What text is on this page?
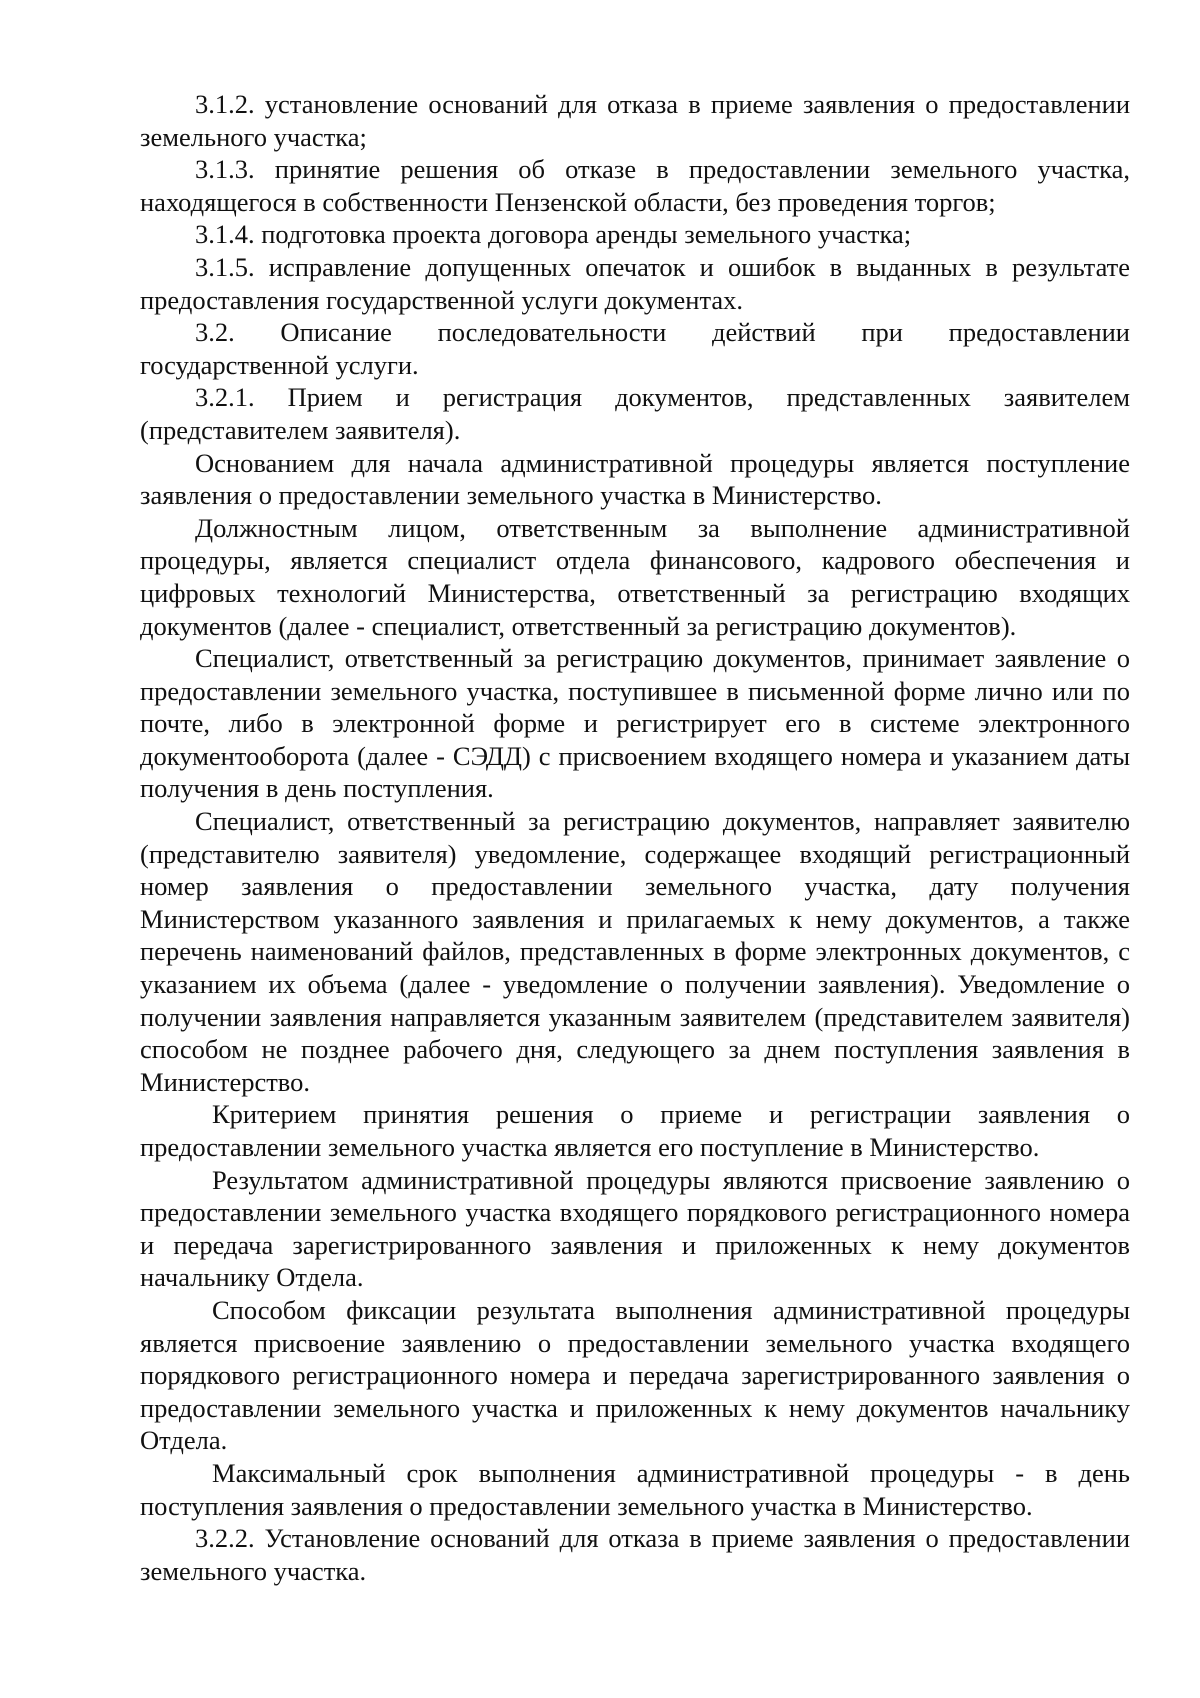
3.1.2. установление оснований для отказа в приеме заявления о предоставлении земельного участка;

3.1.3. принятие решения об отказе в предоставлении земельного участка, находящегося в собственности Пензенской области, без проведения торгов;

3.1.4. подготовка проекта договора аренды земельного участка;

3.1.5. исправление допущенных опечаток и ошибок в выданных в результате предоставления государственной услуги документах.

3.2. Описание последовательности действий при предоставлении государственной услуги.

3.2.1. Прием и регистрация документов, представленных заявителем (представителем заявителя).

Основанием для начала административной процедуры является поступление заявления о предоставлении земельного участка в Министерство.

Должностным лицом, ответственным за выполнение административной процедуры, является специалист отдела финансового, кадрового обеспечения и цифровых технологий Министерства, ответственный за регистрацию входящих документов (далее - специалист, ответственный за регистрацию документов).

Специалист, ответственный за регистрацию документов, принимает заявление о предоставлении земельного участка, поступившее в письменной форме лично или по почте, либо в электронной форме и регистрирует его в системе электронного документооборота (далее - СЭДД) с присвоением входящего номера и указанием даты получения в день поступления.

Специалист, ответственный за регистрацию документов, направляет заявителю (представителю заявителя) уведомление, содержащее входящий регистрационный номер заявления о предоставлении земельного участка, дату получения Министерством указанного заявления и прилагаемых к нему документов, а также перечень наименований файлов, представленных в форме электронных документов, с указанием их объема (далее - уведомление о получении заявления). Уведомление о получении заявления направляется указанным заявителем (представителем заявителя) способом не позднее рабочего дня, следующего за днем поступления заявления в Министерство.

Критерием принятия решения о приеме и регистрации заявления о предоставлении земельного участка является его поступление в Министерство.

Результатом административной процедуры являются присвоение заявлению о предоставлении земельного участка входящего порядкового регистрационного номера и передача зарегистрированного заявления и приложенных к нему документов начальнику Отдела.

Способом фиксации результата выполнения административной процедуры является присвоение заявлению о предоставлении земельного участка входящего порядкового регистрационного номера и передача зарегистрированного заявления о предоставлении земельного участка и приложенных к нему документов начальнику Отдела.

Максимальный срок выполнения административной процедуры - в день поступления заявления о предоставлении земельного участка в Министерство.

3.2.2. Установление оснований для отказа в приеме заявления о предоставлении земельного участка.
